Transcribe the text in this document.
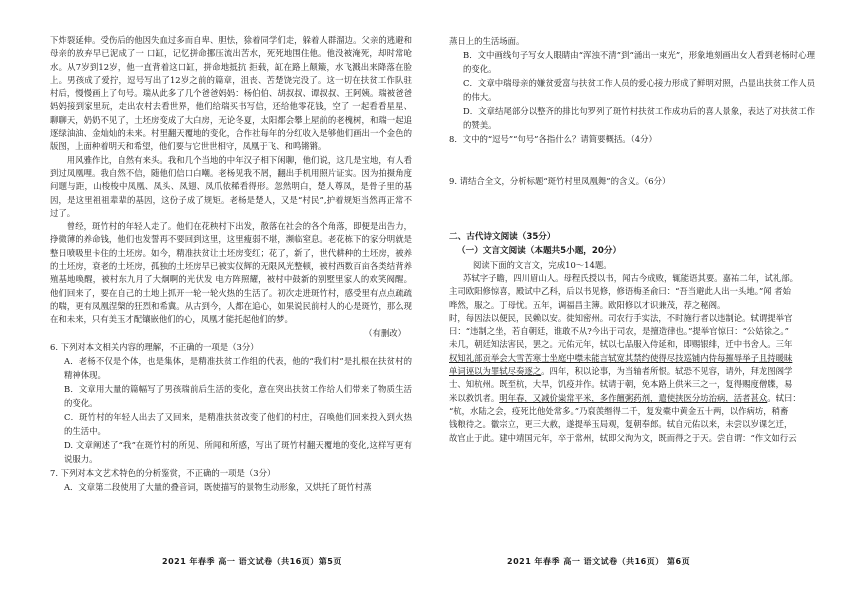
下炸裂延伸。受伤后的他因失血过多而自卑、胆怯，狳着同学们走，躲着人群溜边。父亲的逃避和母亲的放弃早已泥成了一 口缸，记忆拼命挪压流出苦水，死死地围住他。他没被淹死，却时常呛水。从7岁到12岁，他一直背着这口缸，拼命地抵抗 拒载，缸在路上颠簸，水飞溅出来降落在脸上。男孩成了爱拧，逗号写出了12岁之前的篇章，沮丧、苦楚饶完没了。这一切在扶贫工作队驻村后，慢慢画上了句号。瑞从此多了几个爸爸妈妈：杨伯伯、胡叔叔、谭叔叔、王阿姨。瑞被爸爸妈妈接到家里玩，走出农村去看世界，他们给瑞买书写信，还给他零花钱，空了 一起看看星星、聊聊天，奶奶不见了，土坯房变成了大白房，无论冬夏，太阳都会攀上屋前的老槐树，和瑞一起追逐绿油油、金灿灿的未来。村里翻天覆地的变化，合作社每年的分红收入是够他们画出一个金色的版图，上面种着明天和希望，他们要与它世世相守，凤凰于飞、和鸣锵锵。

用风雅作比，自然有来头。我和几个当地的中年汉子相下闲聊，他们说，这几是宝地，有人看到过凤凰哩。我自然不信，随他们信口白嘲。老杨见我不屑，翻出手机用照片证实。因为拍摄角度问题与距，山梭梭中凤凰、凤头、凤翅、凤爪依稀看得形。忽然明白，楚人尊凤，是骨子里的基因，是这里祖祖辈辈的基因，这份子成了规矩。老杨是楚人，又是“村民”,护着规矩当然再正常不过了。

曾经，斑竹村的年轻人走了。他们在花秧村下出发，散落在社会的各个角落，即便是出告力，挣微薄的养命钱，他们也发誓再不要回到这里，这里瘦弱不堪，濒临窒息。老花栋下的家分明就是整日喷吸里卡住的土坯房。如今，精准扶贫让土坯房变红；花了，新了，世代耕种的土坯房，被养的土坯房，衰老的土坯房，孤独的土坯房早已被实仪辉的无限风光整顿，被村西数百亩各类结背养殖基地唤醒，被村东九月了大炯啊的光伏发 电方阵照耀，被村中鼓新的别墅里家人的欢笑阀醒。他们回来了，要在自己的土地上抓开一轮一轮火热的生活了。初次走进斑竹村，感受里有点点疏疏的喘，更有凤凰涅槃的狂烈和希冀。从古到今，人都在追心，如果说民前村人的心是斑竹，那么现在和未来，只有美玉才配镶嵌他们的心，凤凰才能托起他们的梦。

（有删改）

6. 下列对本文相关内容的理解，不正确的一项是（3分）

A．老杨不仅是个体，也是集体，是精准扶贫工作组的代表，他的“我们村”是扎根在扶贫村的精神体现。

B．文章用大量的篇幅写了男孩瑞前后生活的变化，意在突出扶贫工作给人们带来了物质生活的变化。

C．斑竹村的年轻人出去了又回来，是精准扶贫改变了他们的村庄，召唤他们回来投入到火热的生活中。

D. 文章阐述了“我”在斑竹村的所见、所闻和所感，写出了斑竹村翻天覆地的变化,这样写更有说服力。

7. 下列对本文艺术特色的分析鉴赏，不正确的一项是（3分）

A．文章第二段使用了大量的叠音词，既使描写的景物生动形象，又烘托了斑竹村蒸

蒸日上的生活场面。

B．文中画线句子写女人眼睛由“浑浊不清”到“涌出一束光”，形象地刻画出女人看到老杨时心理的变化。

C．文章中瑞母亲的嫌贫爱富与扶贫工作人员的爱心接力形成了鲜明对照，凸显出扶贫工作人员的伟大。

D．文章结尾部分以整齐的排比句罗列了斑竹村扶贫工作成功后的喜人景象，表达了对扶贫工作的赞美。

8．文中的“逗号”“句号”各指什么？请简要概括。（4分）

9. 请结合全文，分析标题“斑竹村里凤凰舞”的含义。（6分）

二、古代诗文阅读（35分）

（一）文言文阅读（本题共5小题，20分）

阅读下面的文言文，完成10～14题。

苏轼字子瞻，四川眉山人。母程氏授以书，闻古今成败，辄能语其要。嘉祐二年，试礼部。

主司欧阳修惊喜，殿试中乙科，后以书见修，修语梅圣俞曰：“吾当避此人出一头地。”闻 者始

哗然，服之。丁母忧。五年，调福昌主簿。欧阳修以才识兼茂，荐之秘阁。

时，每因法以便民，民赖以安。徙知密州。司农行手实法，不时施行者以违制论。轼谓提举官

曰：“违制之坐，若自朝廷，谁敢不从?今出于司农，是擅造律也。”提举官惊曰：“公姑徐之。”

未几，朝廷知法害民，罢之。元佑元年，轼以七品服入侍延和，即赐银绯，迁中书舍人。三年

权知礼部贡举会大雪苦寒士坐庭中噤未能言轼宽其禁约使得尽技巡铺内侍每摧辱举子且持暖昧

单词诬以为罪轼尽奏逐之。四年，积以论事，为当轴者所恨。轼恐不见容，请外，拜龙图阁学

士、知杭州。既至杭，大旱，饥疫并作。轼请于朝，免本路上供米三之一，复得赐度僧牒，易

米以救饥者。明年春，又减价粜常平米，多作饘粥药剂，遣使挟医分坊治病，活者甚众。轼曰：

“杭，水陆之会，疫死比他处常多。”乃裒羡缗得二千，复发橐中黄金五十两，以作病坊，稍畜

钱粮待之。徽宗立，更三大赦，遂提举玉局观，复朝奉郎。轼自元佑以来，未尝以岁课乞迁，

故官止于此。建中靖国元年，卒于常州，轼即父洵为文，既而得之于天。尝自谓：“作文如行云

2021 年春季 高一 语文试卷（共16页）第5页	2021 年春季 高一 语文试卷（共16页） 第6页
